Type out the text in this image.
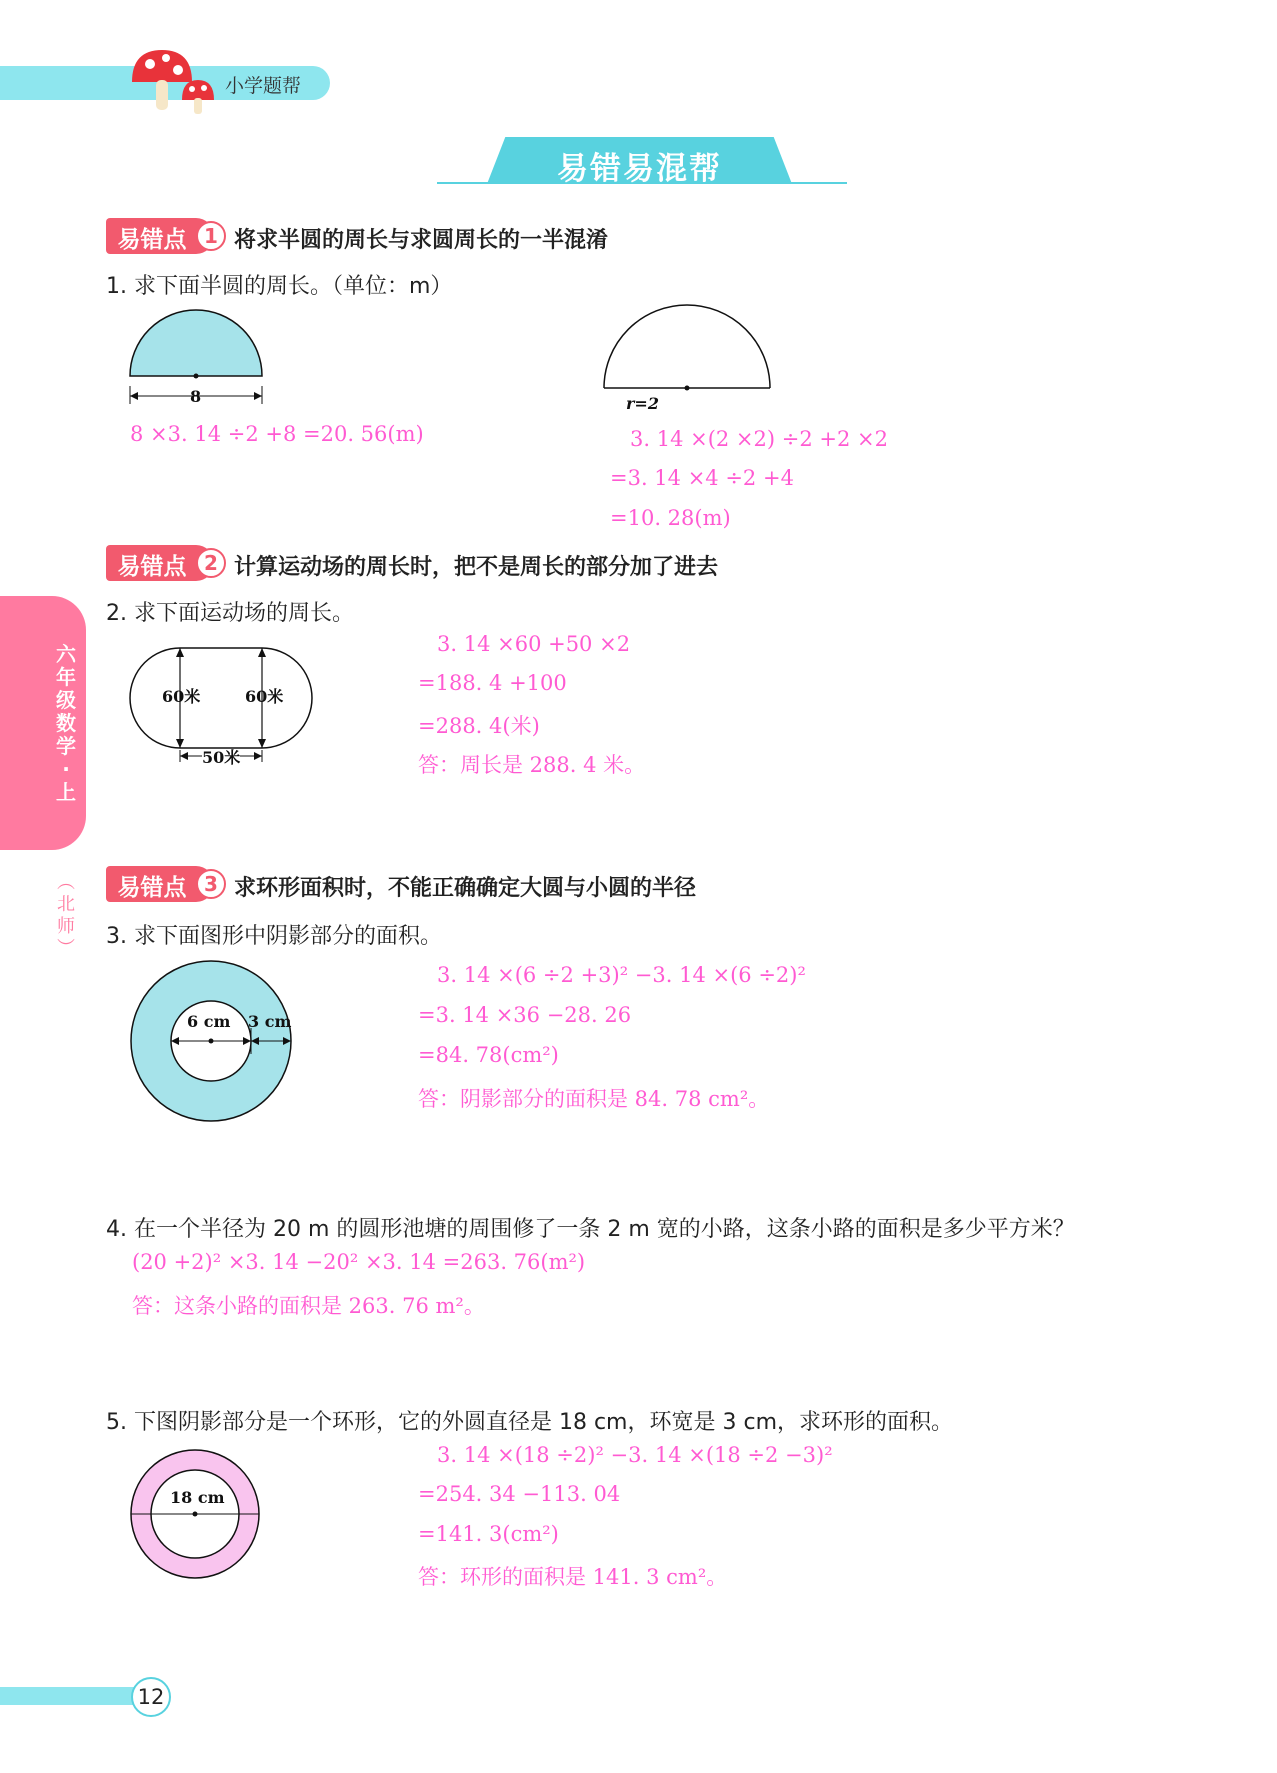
小学题帮
易错易混帮
六
年
级
数
学
·
上
︵
北
师
︶
易错点 1 将求半圆的周长与求圆周长的一半混淆
1. 求下面半圆的周长。（单位：m）
8	r=2
8 ×3. 14 ÷2 +8 =20. 56(m)	3. 14 ×(2 ×2) ÷2 +2 ×2
=3. 14 ×4 ÷2 +4
=10. 28(m)
易错点 2 计算运动场的周长时，把不是周长的部分加了进去
2. 求下面运动场的周长。
60米	60米
50米
3. 14 ×60 +50 ×2
=188. 4 +100
=288. 4(米)
答：周长是 288. 4 米。
易错点 3 求环形面积时，不能正确确定大圆与小圆的半径
3. 求下面图形中阴影部分的面积。
6 cm 3 cm
3. 14 ×(6 ÷2 +3)² −3. 14 ×(6 ÷2)²
=3. 14 ×36 −28. 26
=84. 78(cm²)
答：阴影部分的面积是 84. 78 cm²。
4. 在一个半径为 20 m 的圆形池塘的周围修了一条 2 m 宽的小路，这条小路的面积是多少平方米？
(20 +2)² ×3. 14 −20² ×3. 14 =263. 76(m²)
答：这条小路的面积是 263. 76 m²。
5. 下图阴影部分是一个环形，它的外圆直径是 18 cm，环宽是 3 cm，求环形的面积。
18 cm
3. 14 ×(18 ÷2)² −3. 14 ×(18 ÷2 −3)²
=254. 34 −113. 04
=141. 3(cm²)
答：环形的面积是 141. 3 cm²。
12
